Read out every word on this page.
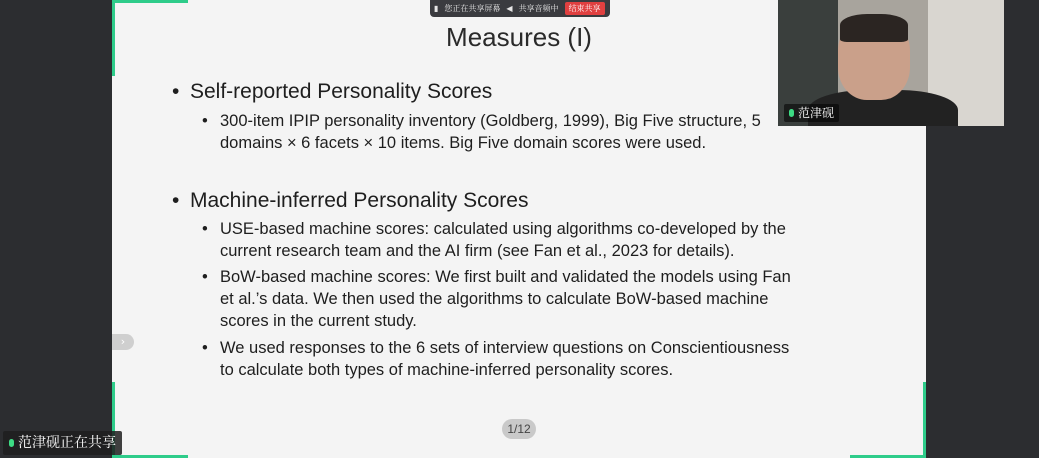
Measures (I)
• Self-reported Personality Scores
• 300-item IPIP personality inventory (Goldberg, 1999), Big Five structure, 5
domains × 6 facets × 10 items. Big Five domain scores were used.
• Machine-inferred Personality Scores
• USE-based machine scores: calculated using algorithms co-developed by the
current research team and the AI firm (see Fan et al., 2023 for details).
• BoW-based machine scores: We first built and validated the models using Fan
et al.’s data. We then used the algorithms to calculate BoW-based machine
scores in the current study.
• We used responses to the 6 sets of interview questions on Conscientiousness
to calculate both types of machine-inferred personality scores.
›
1/12
▮ 您正在共享屏幕 ◀ 共享音频中	结束共享
范津砚
范津砚正在共享
